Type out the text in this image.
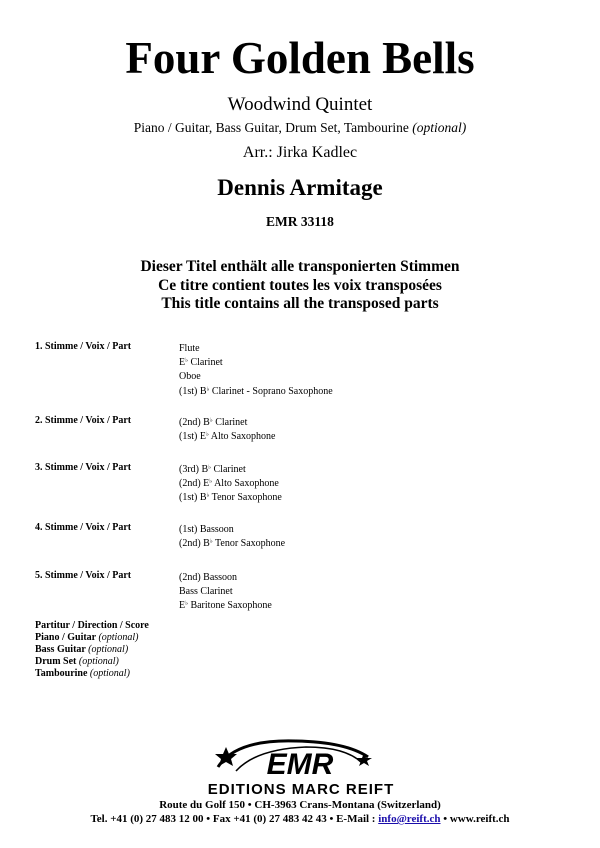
Four Golden Bells
Woodwind Quintet
Piano / Guitar, Bass Guitar, Drum Set, Tambourine (optional)
Arr.: Jirka Kadlec
Dennis Armitage
EMR 33118
Dieser Titel enthält alle transponierten Stimmen
Ce titre contient toutes les voix transposées
This title contains all the transposed parts
1. Stimme / Voix / Part	Flute
E♭ Clarinet
Oboe
(1st) B♭ Clarinet - Soprano Saxophone
2. Stimme / Voix / Part	(2nd) B♭ Clarinet
(1st) E♭ Alto Saxophone
3. Stimme / Voix / Part	(3rd) B♭ Clarinet
(2nd) E♭ Alto Saxophone
(1st) B♭ Tenor Saxophone
4. Stimme / Voix / Part	(1st) Bassoon
(2nd) B♭ Tenor Saxophone
5. Stimme / Voix / Part	(2nd) Bassoon
Bass Clarinet
E♭ Baritone Saxophone
Partitur / Direction / Score
Piano / Guitar (optional)
Bass Guitar (optional)
Drum Set (optional)
Tambourine (optional)
EMR
EDITIONS MARC REIFT
Route du Golf 150 • CH-3963 Crans-Montana (Switzerland)
Tel. +41 (0) 27 483 12 00 • Fax +41 (0) 27 483 42 43 • E-Mail : info@reift.ch • www.reift.ch
